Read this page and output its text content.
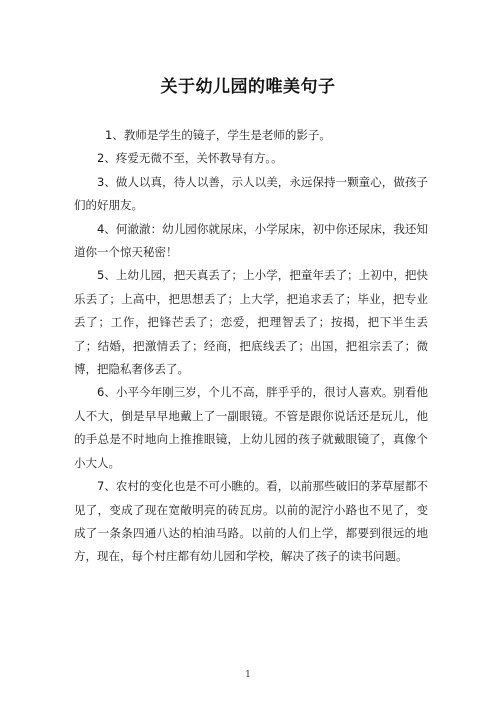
关于幼儿园的唯美句子

1、教师是学生的镜子，学生是老师的影子。

2、疼爱无微不至，关怀教导有方。。

3、做人以真，待人以善，示人以美，永远保持一颗童心，做孩子们的好朋友。

4、何澈澈：幼儿园你就尿床，小学尿床，初中你还尿床，我还知道你一个惊天秘密！

5、上幼儿园，把天真丢了；上小学，把童年丢了；上初中，把快乐丢了；上高中，把思想丢了；上大学，把追求丢了；毕业，把专业丢了；工作，把锋芒丢了；恋爱，把理智丢了；按揭，把下半生丢了；结婚，把激情丢了；经商，把底线丢了；出国，把祖宗丢了；微博，把隐私奢侈丢了。

6、小平今年刚三岁，个儿不高，胖乎乎的，很讨人喜欢。别看他人不大，倒是早早地戴上了一副眼镜。不管是跟你说话还是玩儿，他的手总是不时地向上推推眼镜，上幼儿园的孩子就戴眼镜了，真像个小大人。

7、农村的变化也是不可小瞧的。看，以前那些破旧的茅草屋都不见了，变成了现在宽敞明亮的砖瓦房。以前的泥泞小路也不见了，变成了一条条四通八达的柏油马路。以前的人们上学，都要到很远的地方，现在，每个村庄都有幼儿园和学校，解决了孩子的读书问题。

1
